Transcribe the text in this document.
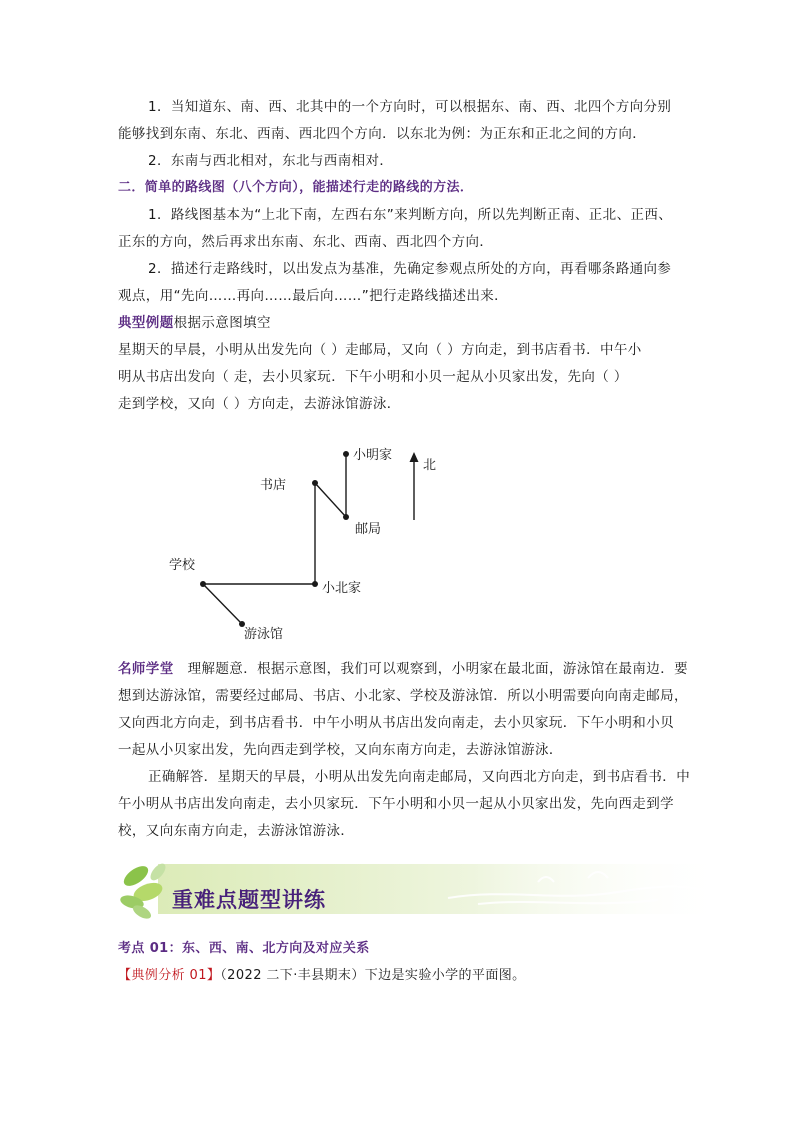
1．当知道东、南、西、北其中的一个方向时，可以根据东、南、西、北四个方向分别
能够找到东南、东北、西南、西北四个方向．以东北为例：为正东和正北之间的方向．
2．东南与西北相对，东北与西南相对．
二．简单的路线图（八个方向），能描述行走的路线的方法．
1．路线图基本为“上北下南，左西右东”来判断方向，所以先判断正南、正北、正西、
正东的方向，然后再求出东南、东北、西南、西北四个方向．
2．描述行走路线时，以出发点为基准，先确定参观点所处的方向，再看哪条路通向参
观点，用“先向……再向……最后向……”把行走路线描述出来．
典型例题根据示意图填空
星期天的早晨，小明从出发先向（ ）走邮局，又向（ ）方向走，到书店看书．中午小
明从书店出发向（ 走，去小贝家玩．下午小明和小贝一起从小贝家出发，先向（ ）
走到学校，又向（ ）方向走，去游泳馆游泳．
小明家
北
书店
邮局
学校
小北家
游泳馆
名师学堂 理解题意．根据示意图，我们可以观察到，小明家在最北面，游泳馆在最南边．要
想到达游泳馆，需要经过邮局、书店、小北家、学校及游泳馆．所以小明需要向向南走邮局，
又向西北方向走，到书店看书．中午小明从书店出发向南走，去小贝家玩．下午小明和小贝
一起从小贝家出发，先向西走到学校，又向东南方向走，去游泳馆游泳．
正确解答．星期天的早晨，小明从出发先向南走邮局，又向西北方向走，到书店看书．中
午小明从书店出发向南走，去小贝家玩．下午小明和小贝一起从小贝家出发，先向西走到学
校，又向东南方向走，去游泳馆游泳．
重难点题型讲练
考点 01：东、西、南、北方向及对应关系
【典例分析 01】（2022 二下·丰县期末）下边是实验小学的平面图。
